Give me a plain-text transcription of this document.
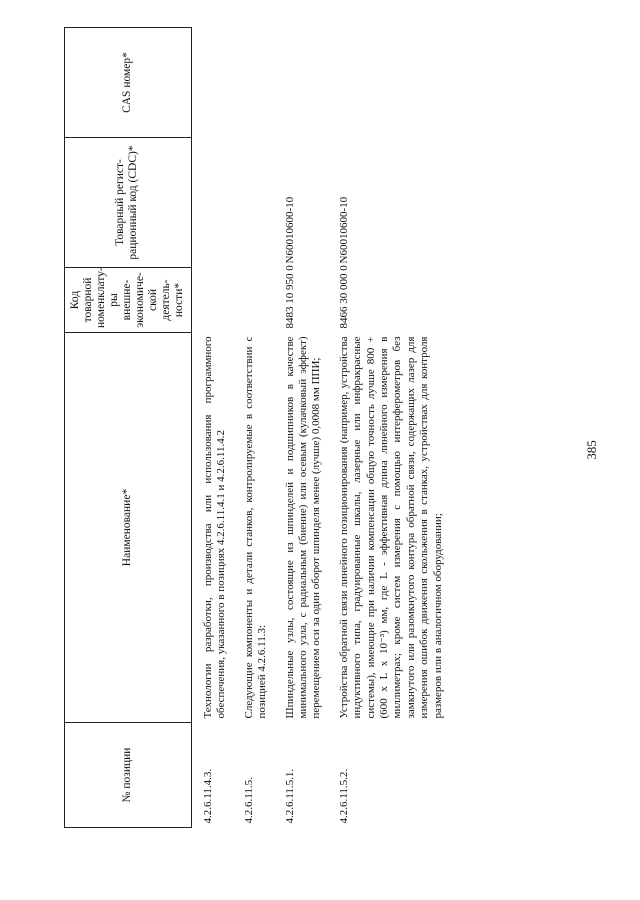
385
№ позиции	Наименование*	Код товарной номенклату-ры внешне-экономиче-ской деятель-ности*	Товарный регист-рационный код (CDC)*	CAS номер*
4.2.6.11.4.3.	Технологии разработки, производства или использования программного обеспечения, указанного в позициях 4.2.6.11.4.1 и 4.2.6.11.4.2			
4.2.6.11.5.	Следующие компоненты и детали станков, контролируемые в соответствии с позицией 4.2.6.11.3:			
4.2.6.11.5.1.	Шпиндельные узлы, состоящие из шпинделей и подшипников в качестве минимального узла, с радиальным (биение) или осевым (кулачковый эффект) перемещением оси за один оборот шпинделя менее (лучше) 0,0008 мм ППИ;	8483 10 950 0	N60010600-10	
4.2.6.11.5.2.	Устройства обратной связи линейного позиционирования (например, устройства индуктивного типа, градуированные шкалы, лазерные или инфракрасные системы), имеющие при наличии компенсации общую точность лучше 800 + (600 x L x 10⁻³) мм, где L - эффективная длина линейного измерения в миллиметрах; кроме систем измерения с помощью интерферометров без замкнутого или разомкнутого контура обратной связи, содержащих лазер для измерения ошибок движения скольжения в станках, устройствах для контроля размеров или в аналогичном оборудовании;	8466 30 000 0	N60010600-10	
